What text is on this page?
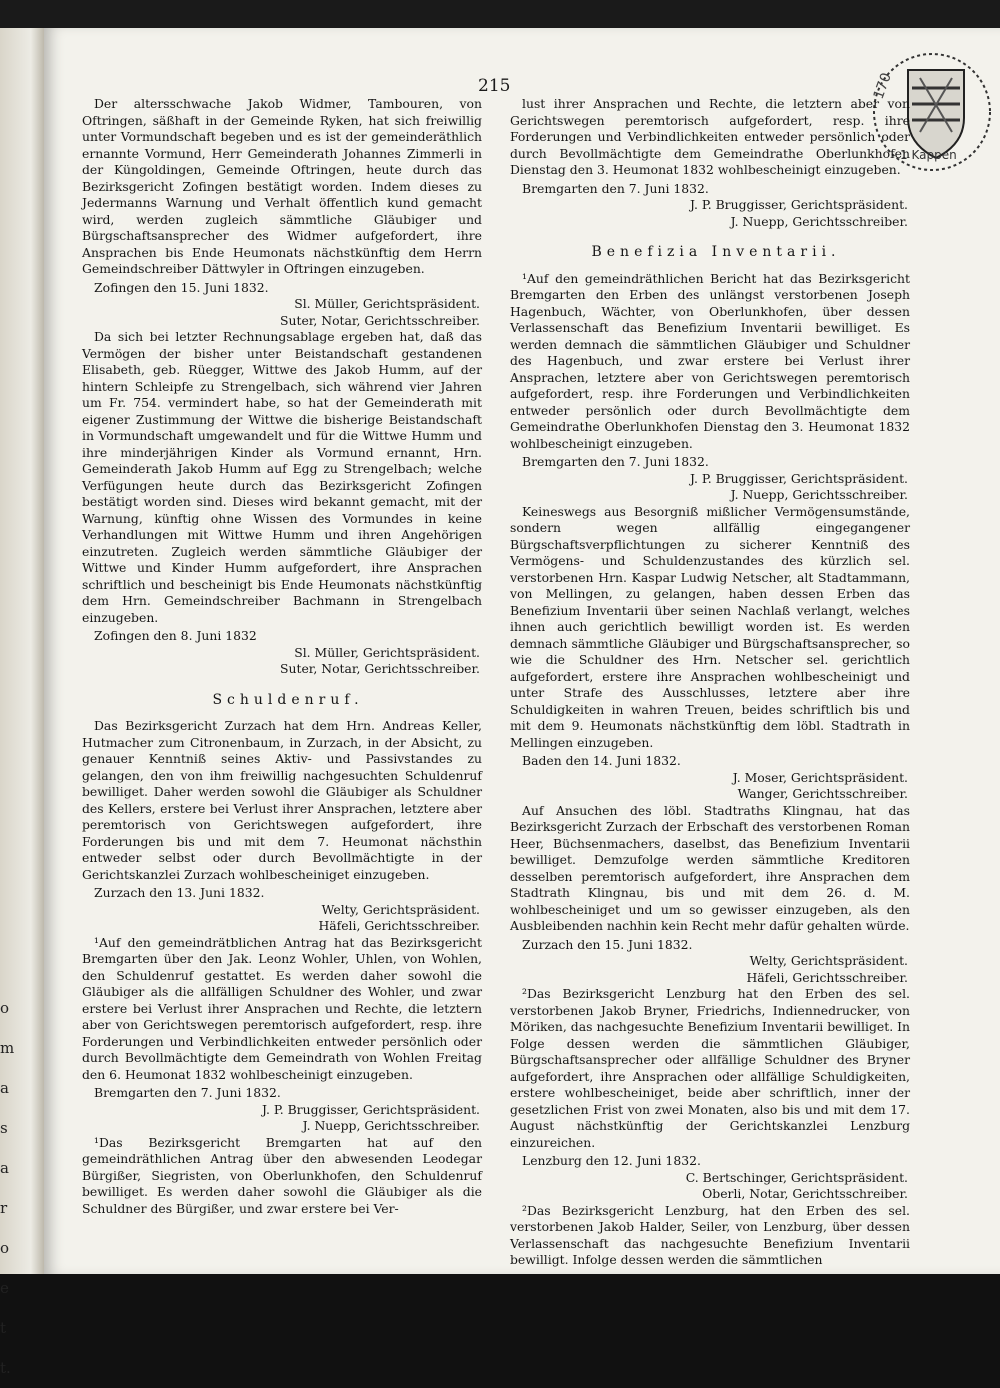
o
m
a
s
a
r
o
e
t
t.
215	170
1 Kappen

Der altersschwache Jakob Widmer, Tambouren, von Oftringen, säßhaft in der Gemeinde Ryken, hat sich freiwillig unter Vormundschaft begeben und es ist der gemeinderäthlich ernannte Vormund, Herr Gemeinderath Johannes Zimmerli in der Küngoldingen, Gemeinde Oftringen, heute durch das Bezirksgericht Zofingen bestätigt worden. Indem dieses zu Jedermanns Warnung und Verhalt öffentlich kund gemacht wird, werden zugleich sämmtliche Gläubiger und Bürgschaftsansprecher des Widmer aufgefordert, ihre Ansprachen bis Ende Heumonats nächstkünftig dem Herrn Gemeindschreiber Dättwyler in Oftringen einzugeben.

Zofingen den 15. Juni 1832.

Sl. Müller, Gerichtspräsident.

Suter, Notar, Gerichtsschreiber.

Da sich bei letzter Rechnungsablage ergeben hat, daß das Vermögen der bisher unter Beistandschaft gestandenen Elisabeth, geb. Rüegger, Wittwe des Jakob Humm, auf der hintern Schleipfe zu Strengelbach, sich während vier Jahren um Fr. 754. vermindert habe, so hat der Gemeinderath mit eigener Zustimmung der Wittwe die bisherige Beistandschaft in Vormundschaft umgewandelt und für die Wittwe Humm und ihre minderjährigen Kinder als Vormund ernannt, Hrn. Gemeinderath Jakob Humm auf Egg zu Strengelbach; welche Verfügungen heute durch das Bezirksgericht Zofingen bestätigt worden sind. Dieses wird bekannt gemacht, mit der Warnung, künftig ohne Wissen des Vormundes in keine Verhandlungen mit Wittwe Humm und ihren Angehörigen einzutreten. Zugleich werden sämmtliche Gläubiger der Wittwe und Kinder Humm aufgefordert, ihre Ansprachen schriftlich und bescheinigt bis Ende Heumonats nächstkünftig dem Hrn. Gemeindschreiber Bachmann in Strengelbach einzugeben.

Zofingen den 8. Juni 1832

Sl. Müller, Gerichtspräsident.

Suter, Notar, Gerichtsschreiber.

Schuldenruf.

Das Bezirksgericht Zurzach hat dem Hrn. Andreas Keller, Hutmacher zum Citronenbaum, in Zurzach, in der Absicht, zu genauer Kenntniß seines Aktiv- und Passivstandes zu gelangen, den von ihm freiwillig nachgesuchten Schuldenruf bewilliget. Daher werden sowohl die Gläubiger als Schuldner des Kellers, erstere bei Verlust ihrer Ansprachen, letztere aber peremtorisch von Gerichtswegen aufgefordert, ihre Forderungen bis und mit dem 7. Heumonat nächsthin entweder selbst oder durch Bevollmächtigte in der Gerichtskanzlei Zurzach wohlbescheiniget einzugeben.

Zurzach den 13. Juni 1832.

Welty, Gerichtspräsident.

Häfeli, Gerichtsschreiber.

¹Auf den gemeindrätblichen Antrag hat das Bezirksgericht Bremgarten über den Jak. Leonz Wohler, Uhlen, von Wohlen, den Schuldenruf gestattet. Es werden daher sowohl die Gläubiger als die allfälligen Schuldner des Wohler, und zwar erstere bei Verlust ihrer Ansprachen und Rechte, die letztern aber von Gerichtswegen peremtorisch aufgefordert, resp. ihre Forderungen und Verbindlichkeiten entweder persönlich oder durch Bevollmächtigte dem Gemeindrath von Wohlen Freitag den 6. Heumonat 1832 wohlbescheinigt einzugeben.

Bremgarten den 7. Juni 1832.

J. P. Bruggisser, Gerichtspräsident.

J. Nuepp, Gerichtsschreiber.

¹Das Bezirksgericht Bremgarten hat auf den gemeindräthlichen Antrag über den abwesenden Leodegar Bürgißer, Siegristen, von Oberlunkhofen, den Schuldenruf bewilliget. Es werden daher sowohl die Gläubiger als die Schuldner des Bürgißer, und zwar erstere bei Ver-

lust ihrer Ansprachen und Rechte, die letztern aber von Gerichtswegen peremtorisch aufgefordert, resp. ihre Forderungen und Verbindlichkeiten entweder persönlich oder durch Bevollmächtigte dem Gemeindrathe Oberlunkhofen Dienstag den 3. Heumonat 1832 wohlbescheinigt einzugeben.

Bremgarten den 7. Juni 1832.

J. P. Bruggisser, Gerichtspräsident.

J. Nuepp, Gerichtsschreiber.

Benefizia Inventarii.

¹Auf den gemeindräthlichen Bericht hat das Bezirksgericht Bremgarten den Erben des unlängst verstorbenen Joseph Hagenbuch, Wächter, von Oberlunkhofen, über dessen Verlassenschaft das Benefizium Inventarii bewilliget. Es werden demnach die sämmtlichen Gläubiger und Schuldner des Hagenbuch, und zwar erstere bei Verlust ihrer Ansprachen, letztere aber von Gerichtswegen peremtorisch aufgefordert, resp. ihre Forderungen und Verbindlichkeiten entweder persönlich oder durch Bevollmächtigte dem Gemeindrathe Oberlunkhofen Dienstag den 3. Heumonat 1832 wohlbescheinigt einzugeben.

Bremgarten den 7. Juni 1832.

J. P. Bruggisser, Gerichtspräsident.

J. Nuepp, Gerichtsschreiber.

Keineswegs aus Besorgniß mißlicher Vermögensumstände, sondern wegen allfällig eingegangener Bürgschaftsverpflichtungen zu sicherer Kenntniß des Vermögens- und Schuldenzustandes des kürzlich sel. verstorbenen Hrn. Kaspar Ludwig Netscher, alt Stadtammann, von Mellingen, zu gelangen, haben dessen Erben das Benefizium Inventarii über seinen Nachlaß verlangt, welches ihnen auch gerichtlich bewilligt worden ist. Es werden demnach sämmtliche Gläubiger und Bürgschaftsansprecher, so wie die Schuldner des Hrn. Netscher sel. gerichtlich aufgefordert, erstere ihre Ansprachen wohlbescheinigt und unter Strafe des Ausschlusses, letztere aber ihre Schuldigkeiten in wahren Treuen, beides schriftlich bis und mit dem 9. Heumonats nächstkünftig dem löbl. Stadtrath in Mellingen einzugeben.

Baden den 14. Juni 1832.

J. Moser, Gerichtspräsident.

Wanger, Gerichtsschreiber.

Auf Ansuchen des löbl. Stadtraths Klingnau, hat das Bezirksgericht Zurzach der Erbschaft des verstorbenen Roman Heer, Büchsenmachers, daselbst, das Benefizium Inventarii bewilliget. Demzufolge werden sämmtliche Kreditoren desselben peremtorisch aufgefordert, ihre Ansprachen dem Stadtrath Klingnau, bis und mit dem 26. d. M. wohlbescheiniget und um so gewisser einzugeben, als den Ausbleibenden nachhin kein Recht mehr dafür gehalten würde.

Zurzach den 15. Juni 1832.

Welty, Gerichtspräsident.

Häfeli, Gerichtsschreiber.

²Das Bezirksgericht Lenzburg hat den Erben des sel. verstorbenen Jakob Bryner, Friedrichs, Indiennedrucker, von Möriken, das nachgesuchte Benefizium Inventarii bewilliget. In Folge dessen werden die sämmtlichen Gläubiger, Bürgschaftsansprecher oder allfällige Schuldner des Bryner aufgefordert, ihre Ansprachen oder allfällige Schuldigkeiten, erstere wohlbescheiniget, beide aber schriftlich, inner der gesetzlichen Frist von zwei Monaten, also bis und mit dem 17. August nächstkünftig der Gerichtskanzlei Lenzburg einzureichen.

Lenzburg den 12. Juni 1832.

C. Bertschinger, Gerichtspräsident.

Oberli, Notar, Gerichtsschreiber.

²Das Bezirksgericht Lenzburg, hat den Erben des sel. verstorbenen Jakob Halder, Seiler, von Lenzburg, über dessen Verlassenschaft das nachgesuchte Benefizium Inventarii bewilligt. Infolge dessen werden die sämmtlichen
